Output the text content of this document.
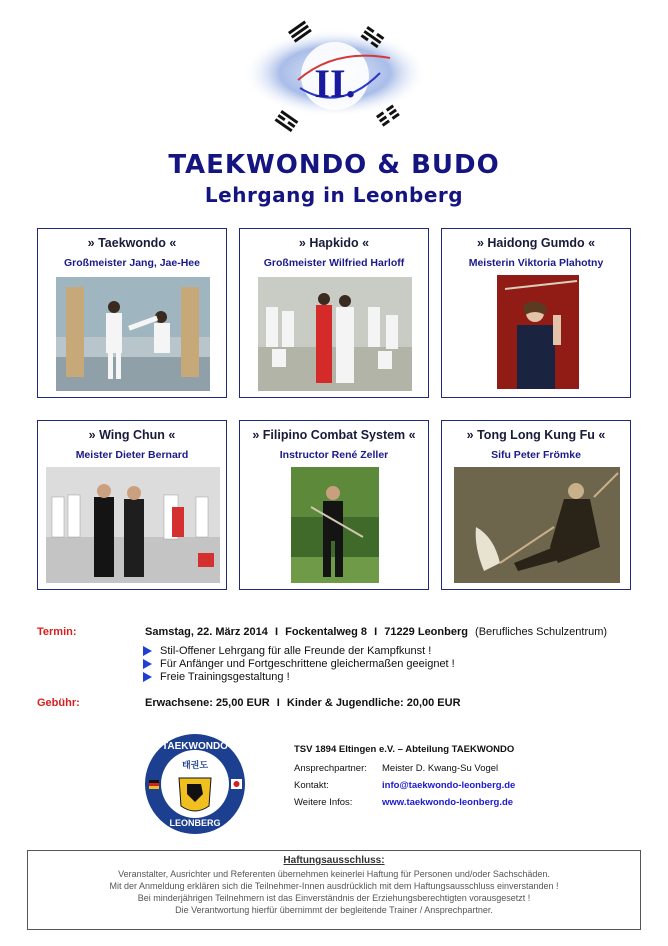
II.
TAEKWONDO & BUDO
Lehrgang in Leonberg
» Taekwondo «
Großmeister Jang, Jae-Hee
» Hapkido «
Großmeister Wilfried Harloff
» Haidong Gumdo «
Meisterin Viktoria Plahotny
» Wing Chun «
Meister Dieter Bernard
» Filipino Combat System «
Instructor René Zeller
» Tong Long Kung Fu «
Sifu Peter Frömke
Termin:	Samstag, 22. März 2014 I Fockentalweg 8 I 71229 Leonberg (Berufliches Schulzentrum)
Stil-Offener Lehrgang für alle Freunde der Kampfkunst !
Für Anfänger und Fortgeschrittene gleichermaßen geeignet !
Freie Trainingsgestaltung !
Gebühr:	Erwachsene: 25,00 EUR I Kinder & Jugendliche: 20,00 EUR
TAEKWONDO
태권도
LEONBERG
TSV 1894 Eltingen e.V. – Abteilung TAEKWONDO
Ansprechpartner: Meister D. Kwang-Su Vogel
Kontakt:	info@taekwondo-leonberg.de
Weitere Infos:	www.taekwondo-leonberg.de
Haftungsausschluss:
Veranstalter, Ausrichter und Referenten übernehmen keinerlei Haftung für Personen und/oder Sachschäden.
Mit der Anmeldung erklären sich die Teilnehmer-Innen ausdrücklich mit dem Haftungsausschluss einverstanden !
Bei minderjährigen Teilnehmern ist das Einverständnis der Erziehungsberechtigten vorausgesetzt !
Die Verantwortung hierfür übernimmt der begleitende Trainer / Ansprechpartner.
